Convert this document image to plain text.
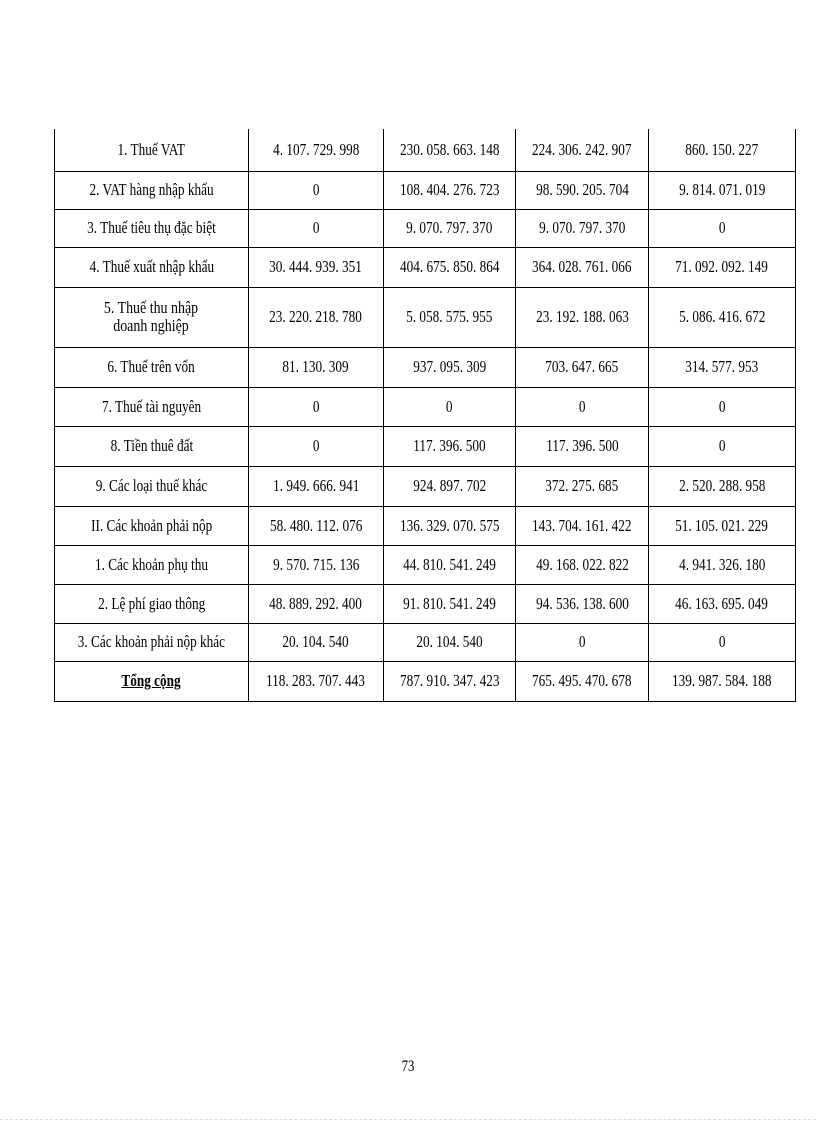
1. Thuế VAT	4. 107. 729. 998	230. 058. 663. 148	224. 306. 242. 907	860. 150. 227
2. VAT hàng nhập khẩu	0	108. 404. 276. 723	98. 590. 205. 704	9. 814. 071. 019
3. Thuế tiêu thụ đặc biệt	0	9. 070. 797. 370	9. 070. 797. 370	0
4. Thuế xuất nhập khẩu	30. 444. 939. 351	404. 675. 850. 864	364. 028. 761. 066	71. 092. 092. 149
5. Thuế thu nhập doanh nghiệp	23. 220. 218. 780	5. 058. 575. 955	23. 192. 188. 063	5. 086. 416. 672
6. Thuế trên vốn	81. 130. 309	937. 095. 309	703. 647. 665	314. 577. 953
7. Thuế tài nguyên	0	0	0	0
8. Tiền thuê đất	0	117. 396. 500	117. 396. 500	0
9. Các loại thuế khác	1. 949. 666. 941	924. 897. 702	372. 275. 685	2. 520. 288. 958
II. Các khoản phải nộp	58. 480. 112. 076	136. 329. 070. 575	143. 704. 161. 422	51. 105. 021. 229
1. Các khoản phụ thu	9. 570. 715. 136	44. 810. 541. 249	49. 168. 022. 822	4. 941. 326. 180
2. Lệ phí giao thông	48. 889. 292. 400	91. 810. 541. 249	94. 536. 138. 600	46. 163. 695. 049
3. Các khoản phải nộp khác	20. 104. 540	20. 104. 540	0	0
Tổng cộng	118. 283. 707. 443	787. 910. 347. 423	765. 495. 470. 678	139. 987. 584. 188
73
